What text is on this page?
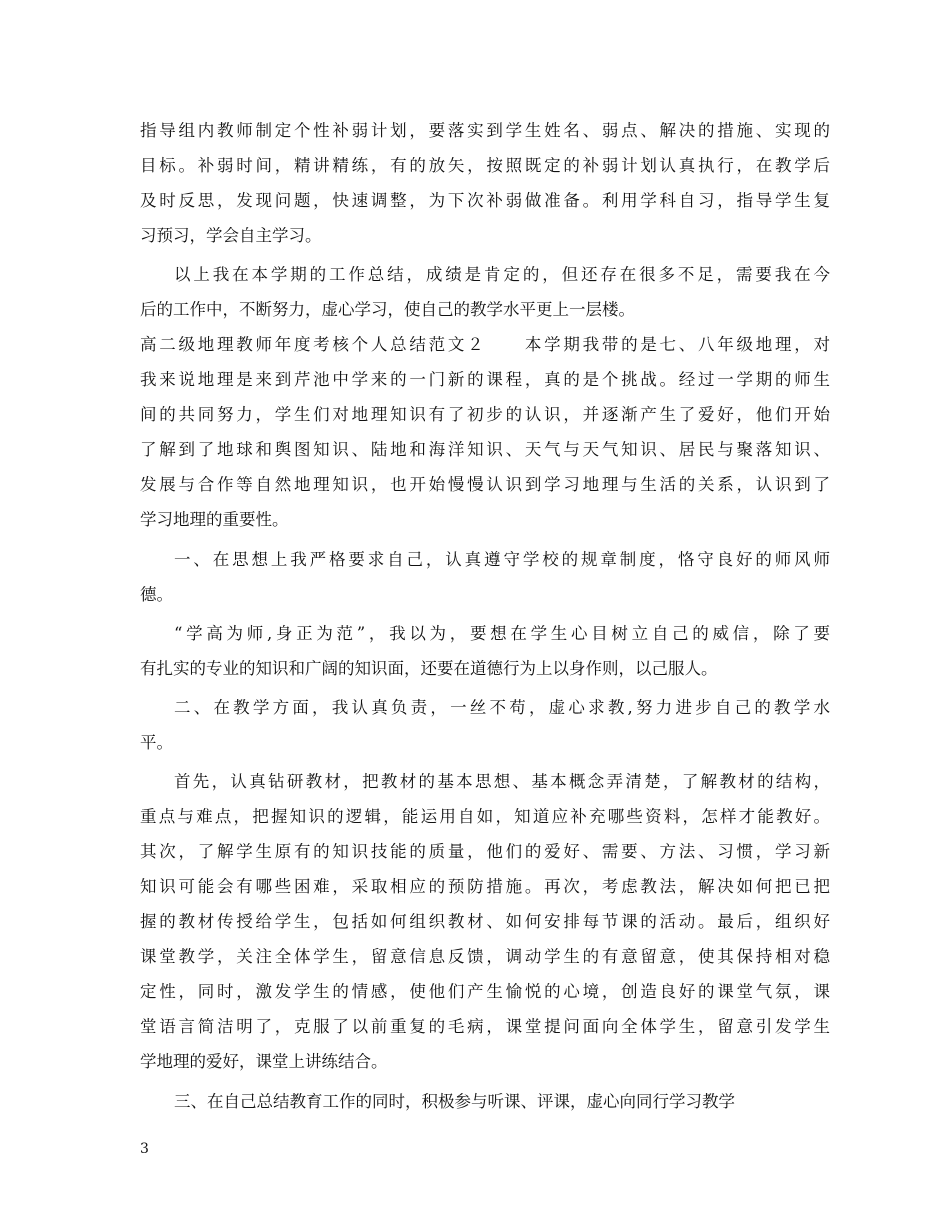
指导组内教师制定个性补弱计划，要落实到学生姓名、弱点、解决的措施、实现的
目标。补弱时间，精讲精练，有的放矢，按照既定的补弱计划认真执行，在教学后
及时反思，发现问题，快速调整，为下次补弱做准备。利用学科自习，指导学生复
习预习，学会自主学习。
以上我在本学期的工作总结，成绩是肯定的，但还存在很多不足，需要我在今
后的工作中，不断努力，虚心学习，使自己的教学水平更上一层楼。
高二级地理教师年度考核个人总结范文２　　本学期我带的是七、八年级地理，对
我来说地理是来到芹池中学来的一门新的课程，真的是个挑战。经过一学期的师生
间的共同努力，学生们对地理知识有了初步的认识，并逐渐产生了爱好，他们开始
了解到了地球和舆图知识、陆地和海洋知识、天气与天气知识、居民与聚落知识、
发展与合作等自然地理知识，也开始慢慢认识到学习地理与生活的关系，认识到了
学习地理的重要性。
一、在思想上我严格要求自己，认真遵守学校的规章制度，恪守良好的师风师
德。
“学高为师,身正为范”，我以为，要想在学生心目树立自己的威信，除了要
有扎实的专业的知识和广阔的知识面，还要在道德行为上以身作则，以己服人。
二、在教学方面，我认真负责，一丝不苟，虚心求教,努力进步自己的教学水
平。
首先，认真钻研教材，把教材的基本思想、基本概念弄清楚，了解教材的结构，
重点与难点，把握知识的逻辑，能运用自如，知道应补充哪些资料，怎样才能教好。
其次，了解学生原有的知识技能的质量，他们的爱好、需要、方法、习惯，学习新
知识可能会有哪些困难，采取相应的预防措施。再次，考虑教法，解决如何把已把
握的教材传授给学生，包括如何组织教材、如何安排每节课的活动。最后，组织好
课堂教学，关注全体学生，留意信息反馈，调动学生的有意留意，使其保持相对稳
定性，同时，激发学生的情感，使他们产生愉悦的心境，创造良好的课堂气氛，课
堂语言简洁明了，克服了以前重复的毛病，课堂提问面向全体学生，留意引发学生
学地理的爱好，课堂上讲练结合。
三、在自己总结教育工作的同时，积极参与听课、评课，虚心向同行学习教学
3
